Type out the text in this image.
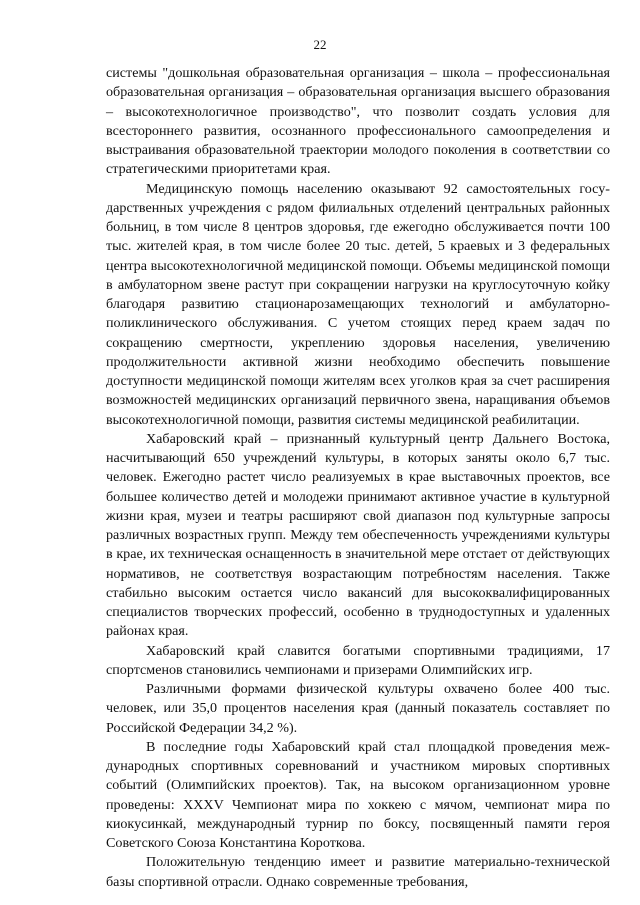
22

системы "дошкольная образовательная организация – школа – профессиональная образовательная организация – образовательная организация высшего образования – высокотехнологичное производство", что позволит создать условия для всестороннего развития, осознанного профессионального самоопределения и выстраивания образовательной траектории молодого поколения в соответствии со стратегическими приоритетами края.

Медицинскую помощь населению оказывают 92 самостоятельных государственных учреждения с рядом филиальных отделений центральных районных больниц, в том числе 8 центров здоровья, где ежегодно обслуживается почти 100 тыс. жителей края, в том числе более 20 тыс. детей, 5 краевых и 3 федеральных центра высокотехнологичной медицинской помощи. Объемы медицинской помощи в амбулаторном звене растут при сокращении нагрузки на круглосуточную койку благодаря развитию стационарозамещающих технологий и амбулаторно-поликлинического обслуживания. С учетом стоящих перед краем задач по сокращению смертности, укреплению здоровья населения, увеличению продолжительности активной жизни необходимо обеспечить повышение доступности медицинской помощи жителям всех уголков края за счет расширения возможностей медицинских организаций первичного звена, наращивания объемов высокотехнологичной помощи, развития системы медицинской реабилитации.

Хабаровский край – признанный культурный центр Дальнего Востока, насчитывающий 650 учреждений культуры, в которых заняты около 6,7 тыс. человек. Ежегодно растет число реализуемых в крае выставочных проектов, все большее количество детей и молодежи принимают активное участие в культурной жизни края, музеи и театры расширяют свой диапазон под культурные запросы различных возрастных групп. Между тем обеспеченность учреждениями культуры в крае, их техническая оснащенность в значительной мере отстает от действующих нормативов, не соответствуя возрастающим потребностям населения. Также стабильно высоким остается число вакансий для высококвалифицированных специалистов творческих профессий, особенно в труднодоступных и удаленных районах края.

Хабаровский край славится богатыми спортивными традициями, 17 спортсменов становились чемпионами и призерами Олимпийских игр.

Различными формами физической культуры охвачено более 400 тыс. человек, или 35,0 процентов населения края (данный показатель составляет по Российской Федерации 34,2 %).

В последние годы Хабаровский край стал площадкой проведения международных спортивных соревнований и участником мировых спортивных событий (Олимпийских проектов). Так, на высоком организационном уровне проведены: XXXV Чемпионат мира по хоккею с мячом, чемпионат мира по киокусинкай, международный турнир по боксу, посвященный памяти героя Советского Союза Константина Короткова.

Положительную тенденцию имеет и развитие материально-технической базы спортивной отрасли. Однако современные требования,
